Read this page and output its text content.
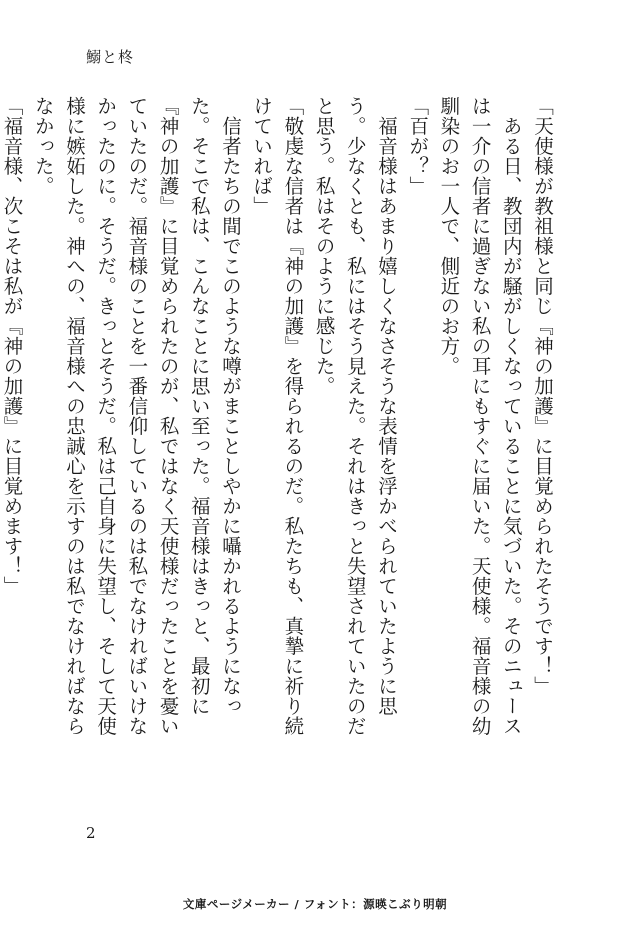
鰯と柊

「天使様が教祖様と同じ『神の加護』に目覚められたそうです！」

　ある日、教団内が騒がしくなっていることに気づいた。そのニュースは一介の信者に過ぎない私の耳にもすぐに届いた。天使様。福音様の幼馴染のお一人で、側近のお方。

「百が？」

　福音様はあまり嬉しくなさそうな表情を浮かべられていたように思う。少なくとも、私にはそう見えた。それはきっと失望されていたのだと思う。私はそのように感じた。

「敬虔な信者は『神の加護』を得られるのだ。私たちも、真摯に祈り続けていれば」

　信者たちの間でこのような噂がまことしやかに囁かれるようになった。そこで私は、こんなことに思い至った。福音様はきっと、最初に『神の加護』に目覚められたのが、私ではなく天使様だったことを憂いていたのだ。福音様のことを一番信仰しているのは私でなければいけなかったのに。そうだ。きっとそうだ。私は己自身に失望し、そして天使様に嫉妬した。神への、福音様への忠誠心を示すのは私でなければならなかった。

「福音様、次こそは私が『神の加護』に目覚めます！」

2
文庫ページメーカー / フォント：源暎こぶり明朝
